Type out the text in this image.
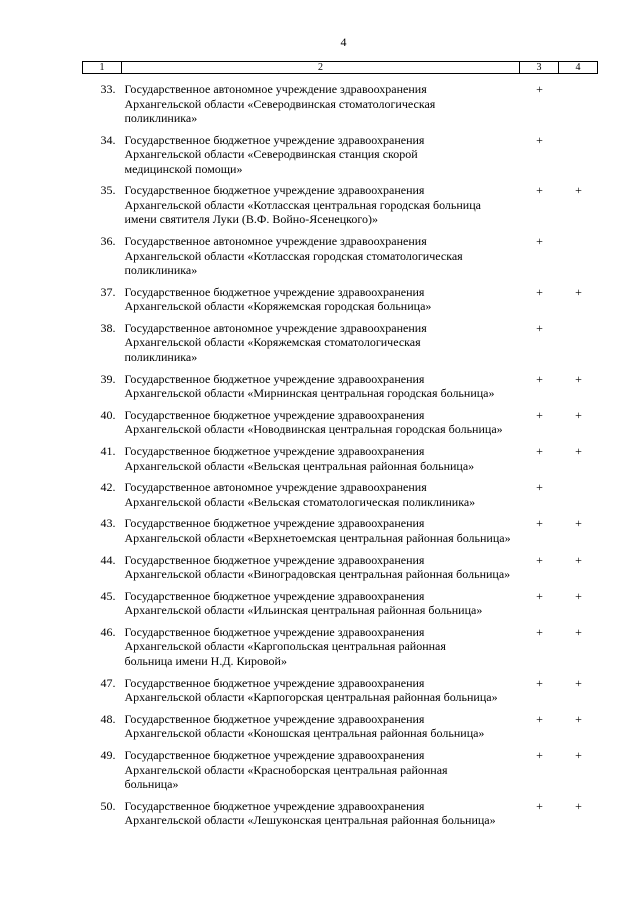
4
1	2	3	4
33.	Государственное автономное учреждение здравоохранения
Архангельской области «Северодвинская стоматологическая
поликлиника»	+	
34.	Государственное бюджетное учреждение здравоохранения
Архангельской области «Северодвинская станция скорой
медицинской помощи»	+	
35.	Государственное бюджетное учреждение здравоохранения
Архангельской области «Котласская центральная городская больница
имени святителя Луки (В.Ф. Войно-Ясенецкого)»	+	+
36.	Государственное автономное учреждение здравоохранения
Архангельской области «Котласская городская стоматологическая
поликлиника»	+	
37.	Государственное бюджетное учреждение здравоохранения
Архангельской области «Коряжемская городская больница»	+	+
38.	Государственное автономное учреждение здравоохранения
Архангельской области «Коряжемская стоматологическая
поликлиника»	+	
39.	Государственное бюджетное учреждение здравоохранения
Архангельской области «Мирнинская центральная городская больница»	+	+
40.	Государственное бюджетное учреждение здравоохранения
Архангельской области «Новодвинская центральная городская больница»	+	+
41.	Государственное бюджетное учреждение здравоохранения
Архангельской области «Вельская центральная районная больница»	+	+
42.	Государственное автономное учреждение здравоохранения
Архангельской области «Вельская стоматологическая поликлиника»	+	
43.	Государственное бюджетное учреждение здравоохранения
Архангельской области «Верхнетоемская центральная районная больница»	+	+
44.	Государственное бюджетное учреждение здравоохранения
Архангельской области «Виноградовская центральная районная больница»	+	+
45.	Государственное бюджетное учреждение здравоохранения
Архангельской области «Ильинская центральная районная больница»	+	+
46.	Государственное бюджетное учреждение здравоохранения
Архангельской области «Каргопольская центральная районная
больница имени Н.Д. Кировой»	+	+
47.	Государственное бюджетное учреждение здравоохранения
Архангельской области «Карпогорская центральная районная больница»	+	+
48.	Государственное бюджетное учреждение здравоохранения
Архангельской области «Коношская центральная районная больница»	+	+
49.	Государственное бюджетное учреждение здравоохранения
Архангельской области «Красноборская центральная районная
больница»	+	+
50.	Государственное бюджетное учреждение здравоохранения
Архангельской области «Лешуконская центральная районная больница»	+	+
